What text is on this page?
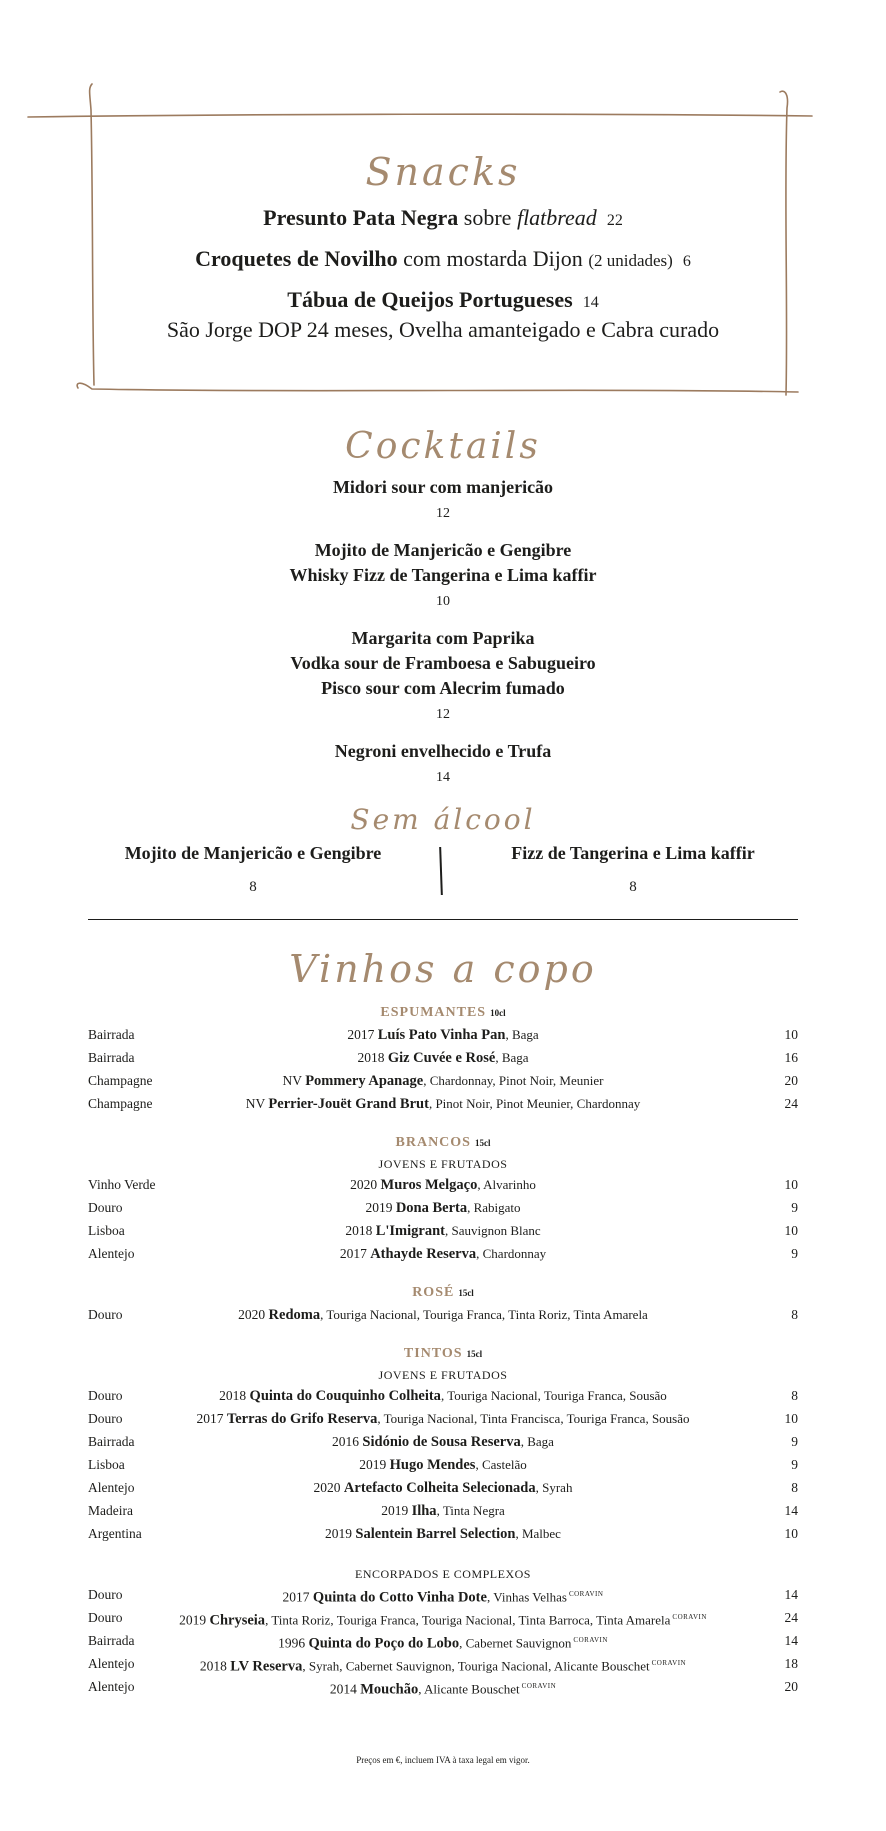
Snacks
Presunto Pata Negra sobre flatbread 22
Croquetes de Novilho com mostarda Dijon (2 unidades) 6
Tábua de Queijos Portugueses 14
São Jorge DOP 24 meses, Ovelha amanteigado e Cabra curado
Cocktails
Midori sour com manjericão
12
Mojito de Manjericão e Gengibre
Whisky Fizz de Tangerina e Lima kaffir
10
Margarita com Paprika
Vodka sour de Framboesa e Sabugueiro
Pisco sour com Alecrim fumado
12
Negroni envelhecido e Trufa
14
Sem álcool
Mojito de Manjericão e Gengibre
8
Fizz de Tangerina e Lima kaffir
8
Vinhos a copo
ESPUMANTES 10cl
Bairrada	2017 Luís Pato Vinha Pan, Baga	10
Bairrada	2018 Giz Cuvée e Rosé, Baga	16
Champagne	NV Pommery Apanage, Chardonnay, Pinot Noir, Meunier	20
Champagne	NV Perrier-Jouët Grand Brut, Pinot Noir, Pinot Meunier, Chardonnay	24
BRANCOS 15cl
JOVENS E FRUTADOS
Vinho Verde	2020 Muros Melgaço, Alvarinho	10
Douro	2019 Dona Berta, Rabigato	9
Lisboa	2018 L'Imigrant, Sauvignon Blanc	10
Alentejo	2017 Athayde Reserva, Chardonnay	9
ROSÉ 15cl
Douro	2020 Redoma, Touriga Nacional, Touriga Franca, Tinta Roriz, Tinta Amarela	8
TINTOS 15cl
JOVENS E FRUTADOS
Douro	2018 Quinta do Couquinho Colheita, Touriga Nacional, Touriga Franca, Sousão	8
Douro	2017 Terras do Grifo Reserva, Touriga Nacional, Tinta Francisca, Touriga Franca, Sousão	10
Bairrada	2016 Sidónio de Sousa Reserva, Baga	9
Lisboa	2019 Hugo Mendes, Castelão	9
Alentejo	2020 Artefacto Colheita Selecionada, Syrah	8
Madeira	2019 Ilha, Tinta Negra	14
Argentina	2019 Salentein Barrel Selection, Malbec	10
ENCORPADOS E COMPLEXOS
Douro	2017 Quinta do Cotto Vinha Dote, Vinhas Velhas $^{CORAVIN}$	14
Douro	2019 Chryseia, Tinta Roriz, Touriga Franca, Touriga Nacional, Tinta Barroca, Tinta Amarela $^{CORAVIN}$	24
Bairrada	1996 Quinta do Poço do Lobo, Cabernet Sauvignon $^{CORAVIN}$	14
Alentejo	2018 LV Reserva, Syrah, Cabernet Sauvignon, Touriga Nacional, Alicante Bouschet $^{CORAVIN}$	18
Alentejo	2014 Mouchão, Alicante Bouschet $^{CORAVIN}$	20
Preços em €, incluem IVA à taxa legal em vigor.
